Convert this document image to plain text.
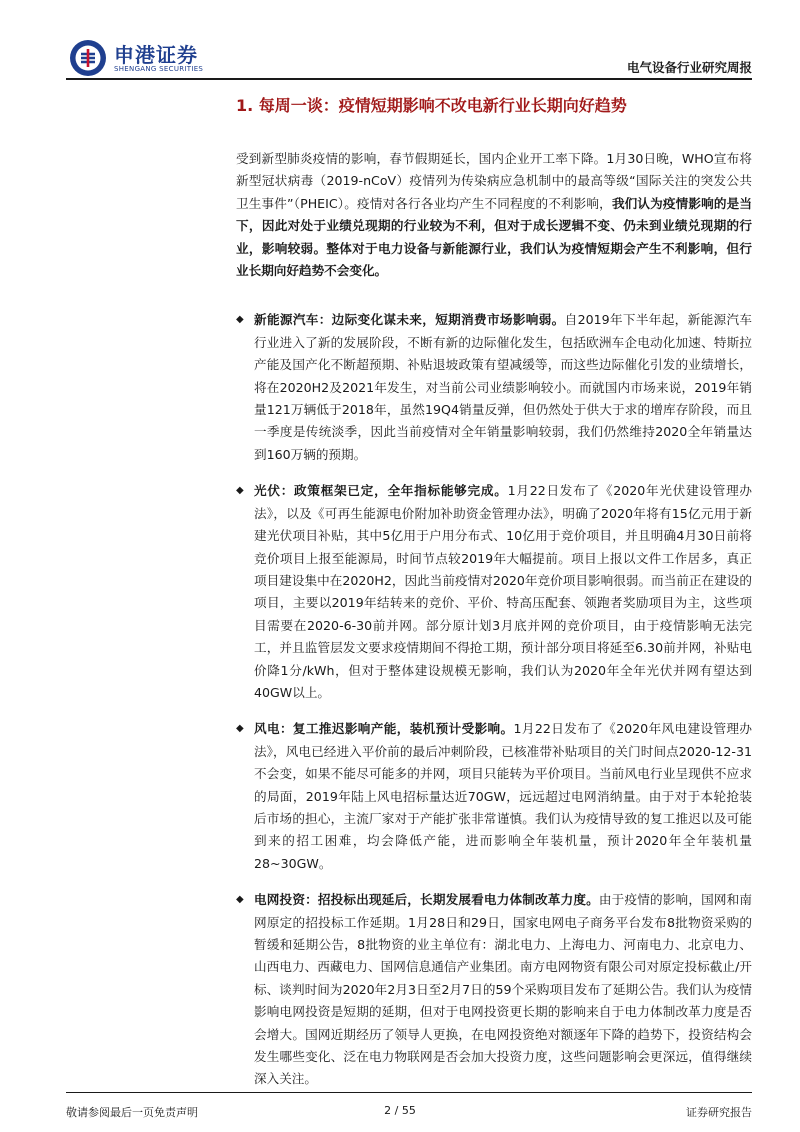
申港证券
SHENGANG SECURITIES	电气设备行业研究周报
1. 每周一谈：疫情短期影响不改电新行业长期向好趋势

受到新型肺炎疫情的影响，春节假期延长，国内企业开工率下降。1月30日晚，WHO宣布将新型冠状病毒（2019-nCoV）疫情列为传染病应急机制中的最高等级“国际关注的突发公共卫生事件”（PHEIC）。疫情对各行各业均产生不同程度的不利影响，我们认为疫情影响的是当下，因此对处于业绩兑现期的行业较为不利，但对于成长逻辑不变、仍未到业绩兑现期的行业，影响较弱。整体对于电力设备与新能源行业，我们认为疫情短期会产生不利影响，但行业长期向好趋势不会变化。

◆ 新能源汽车：边际变化谋未来，短期消费市场影响弱。自2019年下半年起，新能源汽车行业进入了新的发展阶段，不断有新的边际催化发生，包括欧洲车企电动化加速、特斯拉产能及国产化不断超预期、补贴退坡政策有望减缓等，而这些边际催化引发的业绩增长，将在2020H2及2021年发生，对当前公司业绩影响较小。而就国内市场来说，2019年销量121万辆低于2018年，虽然19Q4销量反弹，但仍然处于供大于求的增库存阶段，而且一季度是传统淡季，因此当前疫情对全年销量影响较弱，我们仍然维持2020全年销量达到160万辆的预期。
◆ 光伏：政策框架已定，全年指标能够完成。1月22日发布了《2020年光伏建设管理办法》，以及《可再生能源电价附加补助资金管理办法》，明确了2020年将有15亿元用于新建光伏项目补贴，其中5亿用于户用分布式、10亿用于竞价项目，并且明确4月30日前将竞价项目上报至能源局，时间节点较2019年大幅提前。项目上报以文件工作居多，真正项目建设集中在2020H2，因此当前疫情对2020年竞价项目影响很弱。而当前正在建设的项目，主要以2019年结转来的竞价、平价、特高压配套、领跑者奖励项目为主，这些项目需要在2020-6-30前并网。部分原计划3月底并网的竞价项目，由于疫情影响无法完工，并且监管层发文要求疫情期间不得抢工期，预计部分项目将延至6.30前并网，补贴电价降1分/kWh，但对于整体建设规模无影响，我们认为2020年全年光伏并网有望达到40GW以上。
◆ 风电：复工推迟影响产能，装机预计受影响。1月22日发布了《2020年风电建设管理办法》，风电已经进入平价前的最后冲刺阶段，已核准带补贴项目的关门时间点2020-12-31不会变，如果不能尽可能多的并网，项目只能转为平价项目。当前风电行业呈现供不应求的局面，2019年陆上风电招标量达近70GW，远远超过电网消纳量。由于对于本轮抢装后市场的担心，主流厂家对于产能扩张非常谨慎。我们认为疫情导致的复工推迟以及可能到来的招工困难，均会降低产能，进而影响全年装机量，预计2020年全年装机量28~30GW。
◆ 电网投资：招投标出现延后，长期发展看电力体制改革力度。由于疫情的影响，国网和南网原定的招投标工作延期。1月28日和29日，国家电网电子商务平台发布8批物资采购的暂缓和延期公告，8批物资的业主单位有：湖北电力、上海电力、河南电力、北京电力、山西电力、西藏电力、国网信息通信产业集团。南方电网物资有限公司对原定投标截止/开标、谈判时间为2020年2月3日至2月7日的59个采购项目发布了延期公告。我们认为疫情影响电网投资是短期的延期，但对于电网投资更长期的影响来自于电力体制改革力度是否会增大。国网近期经历了领导人更换，在电网投资绝对额逐年下降的趋势下，投资结构会发生哪些变化、泛在电力物联网是否会加大投资力度，这些问题影响会更深远，值得继续深入关注。
敬请参阅最后一页免责声明	2 / 55	证券研究报告
